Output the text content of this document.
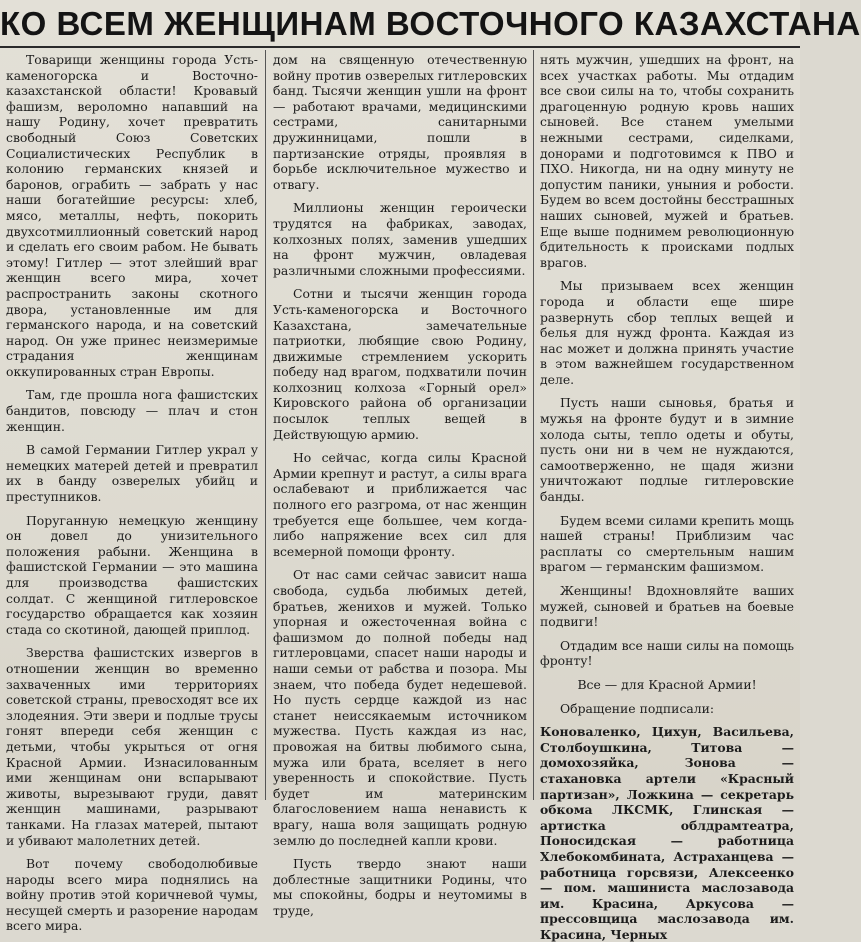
КО ВСЕМ ЖЕНЩИНАМ ВОСТОЧНОГО КАЗАХСТАНА

Товарищи женщины города Усть-каменогорска и Восточно-казахстанской области! Кровавый фашизм, вероломно напавший на нашу Родину, хочет превратить свободный Союз Советских Социалистических Республик в колонию германских князей и баронов, ограбить — забрать у нас наши богатейшие ресурсы: хлеб, мясо, металлы, нефть, покорить двухсотмиллионный советский народ и сделать его своим рабом. Не бывать этому! Гитлер — этот злейший враг женщин всего мира, хочет распространить законы скотного двора, установленные им для германского народа, и на советский народ. Он уже принес неизмеримые страдания женщинам оккупированных стран Европы.

Там, где прошла нога фашистских бандитов, повсюду — плач и стон женщин.

В самой Германии Гитлер украл у немецких матерей детей и превратил их в банду озверелых убийц и преступников.

Поруганную немецкую женщину он довел до унизительного положения рабыни. Женщина в фашистской Германии — это машина для производства фашистских солдат. С женщиной гитлеровское государство обращается как хозяин стада со скотиной, дающей приплод.

Зверства фашистских извергов в отношении женщин во временно захваченных ими территориях советской страны, превосходят все их злодеяния. Эти звери и подлые трусы гонят впереди себя женщин с детьми, чтобы укрыться от огня Красной Армии. Изнасилованным ими женщинам они вспарывают животы, вырезывают груди, давят женщин машинами, разрывают танками. На глазах матерей, пытают и убивают малолетних детей.

Вот почему свободолюбивые народы всего мира поднялись на войну против этой коричневой чумы, несущей смерть и разорение народам всего мира.

дом на священную отечественную войну против озверелых гитлеровских банд. Тысячи женщин ушли на фронт — работают врачами, медицинскими сестрами, санитарными дружинницами, пошли в партизанские отряды, проявляя в борьбе исключительное мужество и отвагу.

Миллионы женщин героически трудятся на фабриках, заводах, колхозных полях, заменив ушедших на фронт мужчин, овладевая различными сложными профессиями.

Сотни и тысячи женщин города Усть-каменогорска и Восточного Казахстана, замечательные патриотки, любящие свою Родину, движимые стремлением ускорить победу над врагом, подхватили почин колхозниц колхоза «Горный орел» Кировского района об организации посылок теплых вещей в Действующую армию.

Но сейчас, когда силы Красной Армии крепнут и растут, а силы врага ослабевают и приближается час полного его разгрома, от нас женщин требуется еще большее, чем когда-либо напряжение всех сил для всемерной помощи фронту.

От нас сами сейчас зависит наша свобода, судьба любимых детей, братьев, женихов и мужей. Только упорная и ожесточенная война с фашизмом до полной победы над гитлеровцами, спасет наши народы и наши семьи от рабства и позора. Мы знаем, что победа будет недешевой. Но пусть сердце каждой из нас станет неиссякаемым источником мужества. Пусть каждая из нас, провожая на битвы любимого сына, мужа или брата, вселяет в него уверенность и спокойствие. Пусть будет им материнским благословением наша ненависть к врагу, наша воля защищать родную землю до последней капли крови.

Пусть твердо знают наши доблестные защитники Родины, что мы спокойны, бодры и неутомимы в труде,

нять мужчин, ушедших на фронт, на всех участках работы. Мы отдадим все свои силы на то, чтобы сохранить драгоценную родную кровь наших сыновей. Все станем умелыми нежными сестрами, сиделками, донорами и подготовимся к ПВО и ПХО. Никогда, ни на одну минуту не допустим паники, уныния и робости. Будем во всем достойны бесстрашных наших сыновей, мужей и братьев. Еще выше поднимем революционную бдительность к происками подлых врагов.

Мы призываем всех женщин города и области еще шире развернуть сбор теплых вещей и белья для нужд фронта. Каждая из нас может и должна принять участие в этом важнейшем государственном деле.

Пусть наши сыновья, братья и мужья на фронте будут и в зимние холода сыты, тепло одеты и обуты, пусть они ни в чем не нуждаются, самоотверженно, не щадя жизни уничтожают подлые гитлеровские банды.

Будем всеми силами крепить мощь нашей страны! Приблизим час расплаты со смертельным нашим врагом — германским фашизмом.

Женщины! Вдохновляйте ваших мужей, сыновей и братьев на боевые подвиги!

Отдадим все наши силы на помощь фронту!

Все — для Красной Армии!

Обращение подписали:

Коноваленко, Цихун, Васильева, Столбоушкина, Титова — домохозяйка, Зонова — стахановка артели «Красный партизан», Ложкина — секретарь обкома ЛКСМК, Глинская — артистка облдрамтеатра, Поносидская — работница Хлебокомбината, Астраханцева — работница горсвязи, Алексеенко — пом. машиниста маслозавода им. Красина, Аркусова — прессовщица маслозавода им. Красина, Черных
